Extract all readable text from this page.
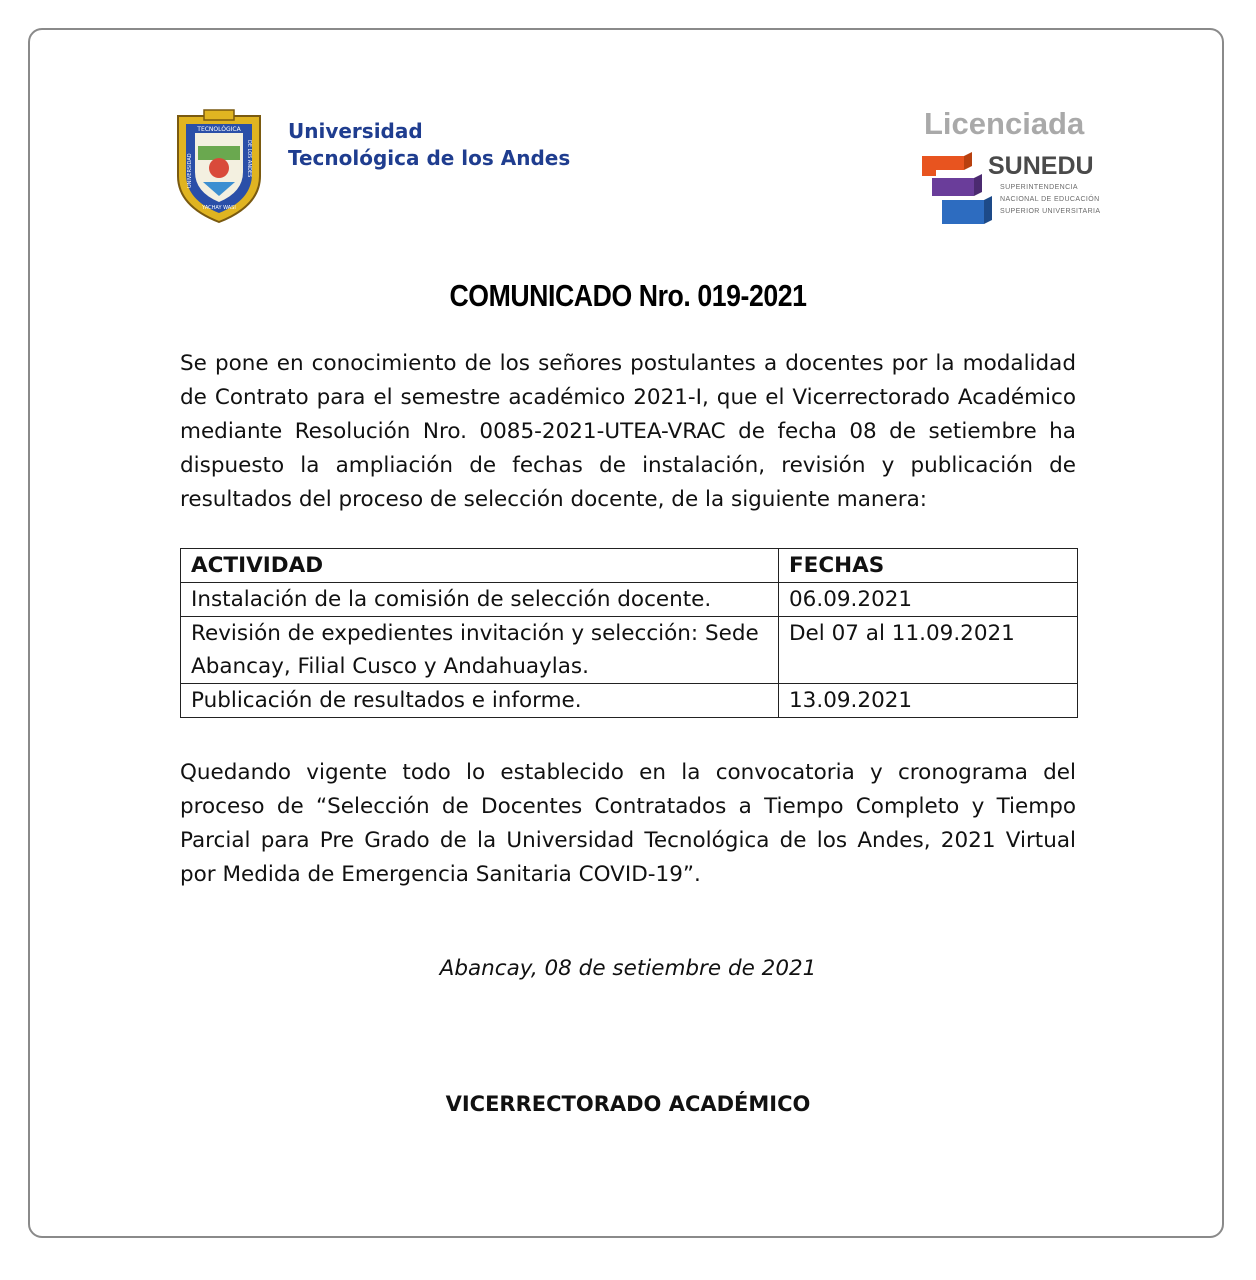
TECNOLÓGICA
UNIVERSIDAD	DE LOS ANDES
YACHAY WASI
Universidad
Tecnológica de los Andes
Licenciada
SUNEDU
SUPERINTENDENCIA
NACIONAL DE EDUCACIÓN
SUPERIOR UNIVERSITARIA
COMUNICADO Nro. 019-2021
Se pone en conocimiento de los señores postulantes a docentes por la modalidad de Contrato para el semestre académico 2021-I, que el Vicerrectorado Académico mediante Resolución Nro. 0085-2021-UTEA-VRAC de fecha 08 de setiembre ha dispuesto la ampliación de fechas de instalación, revisión y publicación de resultados del proceso de selección docente, de la siguiente manera:
ACTIVIDAD	FECHAS
Instalación de la comisión de selección docente.	06.09.2021
Revisión de expedientes invitación y selección: Sede Abancay, Filial Cusco y Andahuaylas.	Del 07 al 11.09.2021
Publicación de resultados e informe.	13.09.2021
Quedando vigente todo lo establecido en la convocatoria y cronograma del proceso de “Selección de Docentes Contratados a Tiempo Completo y Tiempo Parcial para Pre Grado de la Universidad Tecnológica de los Andes, 2021 Virtual por Medida de Emergencia Sanitaria COVID-19”.
Abancay, 08 de setiembre de 2021
VICERRECTORADO ACADÉMICO
